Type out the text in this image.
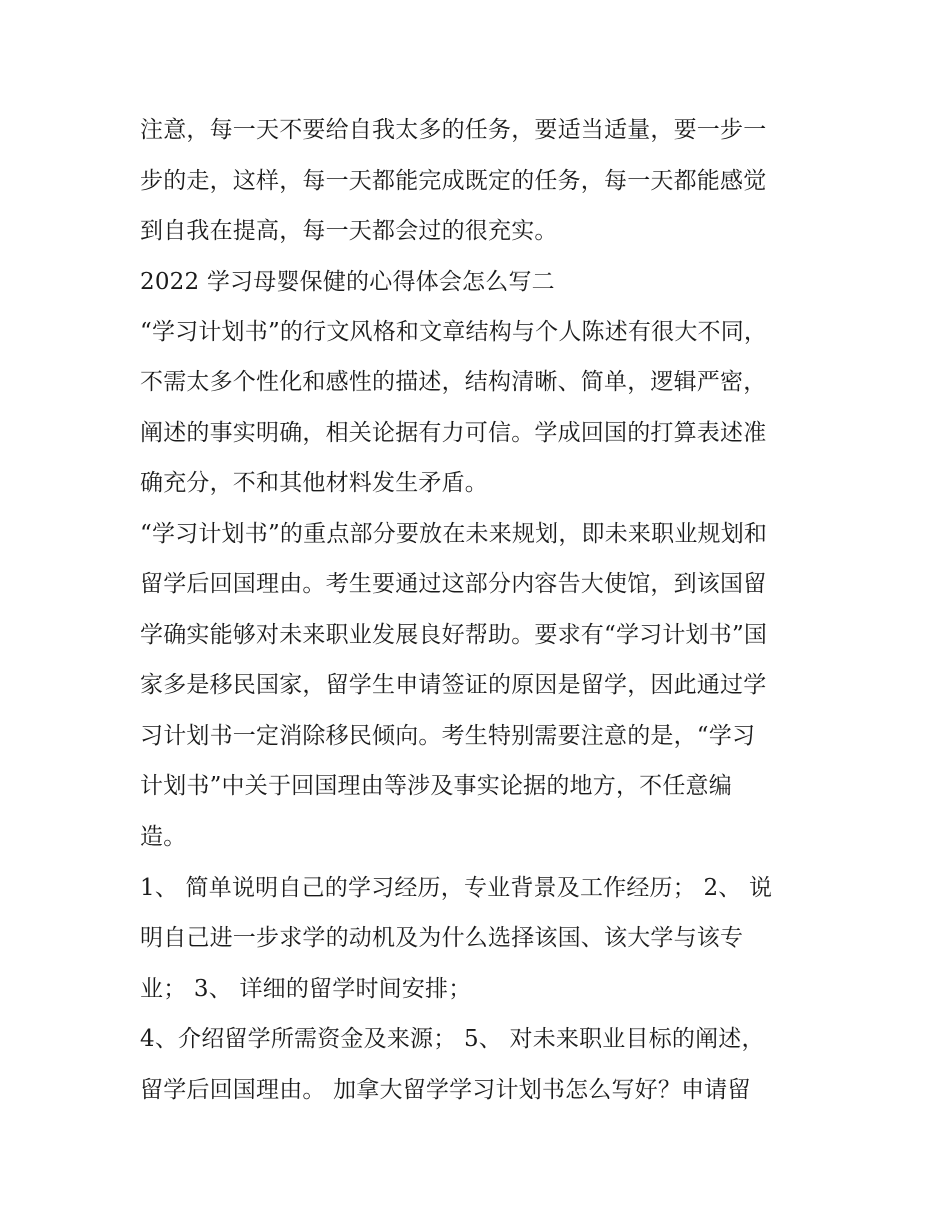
注意，每一天不要给自我太多的任务，要适当适量，要一步一

步的走，这样，每一天都能完成既定的任务，每一天都能感觉

到自我在提高，每一天都会过的很充实。

2022 学习母婴保健的心得体会怎么写二

“学习计划书”的行文风格和文章结构与个人陈述有很大不同，

不需太多个性化和感性的描述，结构清晰、简单，逻辑严密，

阐述的事实明确，相关论据有力可信。学成回国的打算表述准

确充分，不和其他材料发生矛盾。

“学习计划书”的重点部分要放在未来规划，即未来职业规划和

留学后回国理由。考生要通过这部分内容告大使馆，到该国留

学确实能够对未来职业发展良好帮助。要求有“学习计划书”国

家多是移民国家，留学生申请签证的原因是留学，因此通过学

习计划书一定消除移民倾向。考生特别需要注意的是，“学习

计划书”中关于回国理由等涉及事实论据的地方，不任意编

造。

1、 简单说明自己的学习经历，专业背景及工作经历； 2、 说

明自己进一步求学的动机及为什么选择该国、该大学与该专

业； 3、 详细的留学时间安排；

4、介绍留学所需资金及来源； 5、 对未来职业目标的阐述，

留学后回国理由。 加拿大留学学习计划书怎么写好？申请留
